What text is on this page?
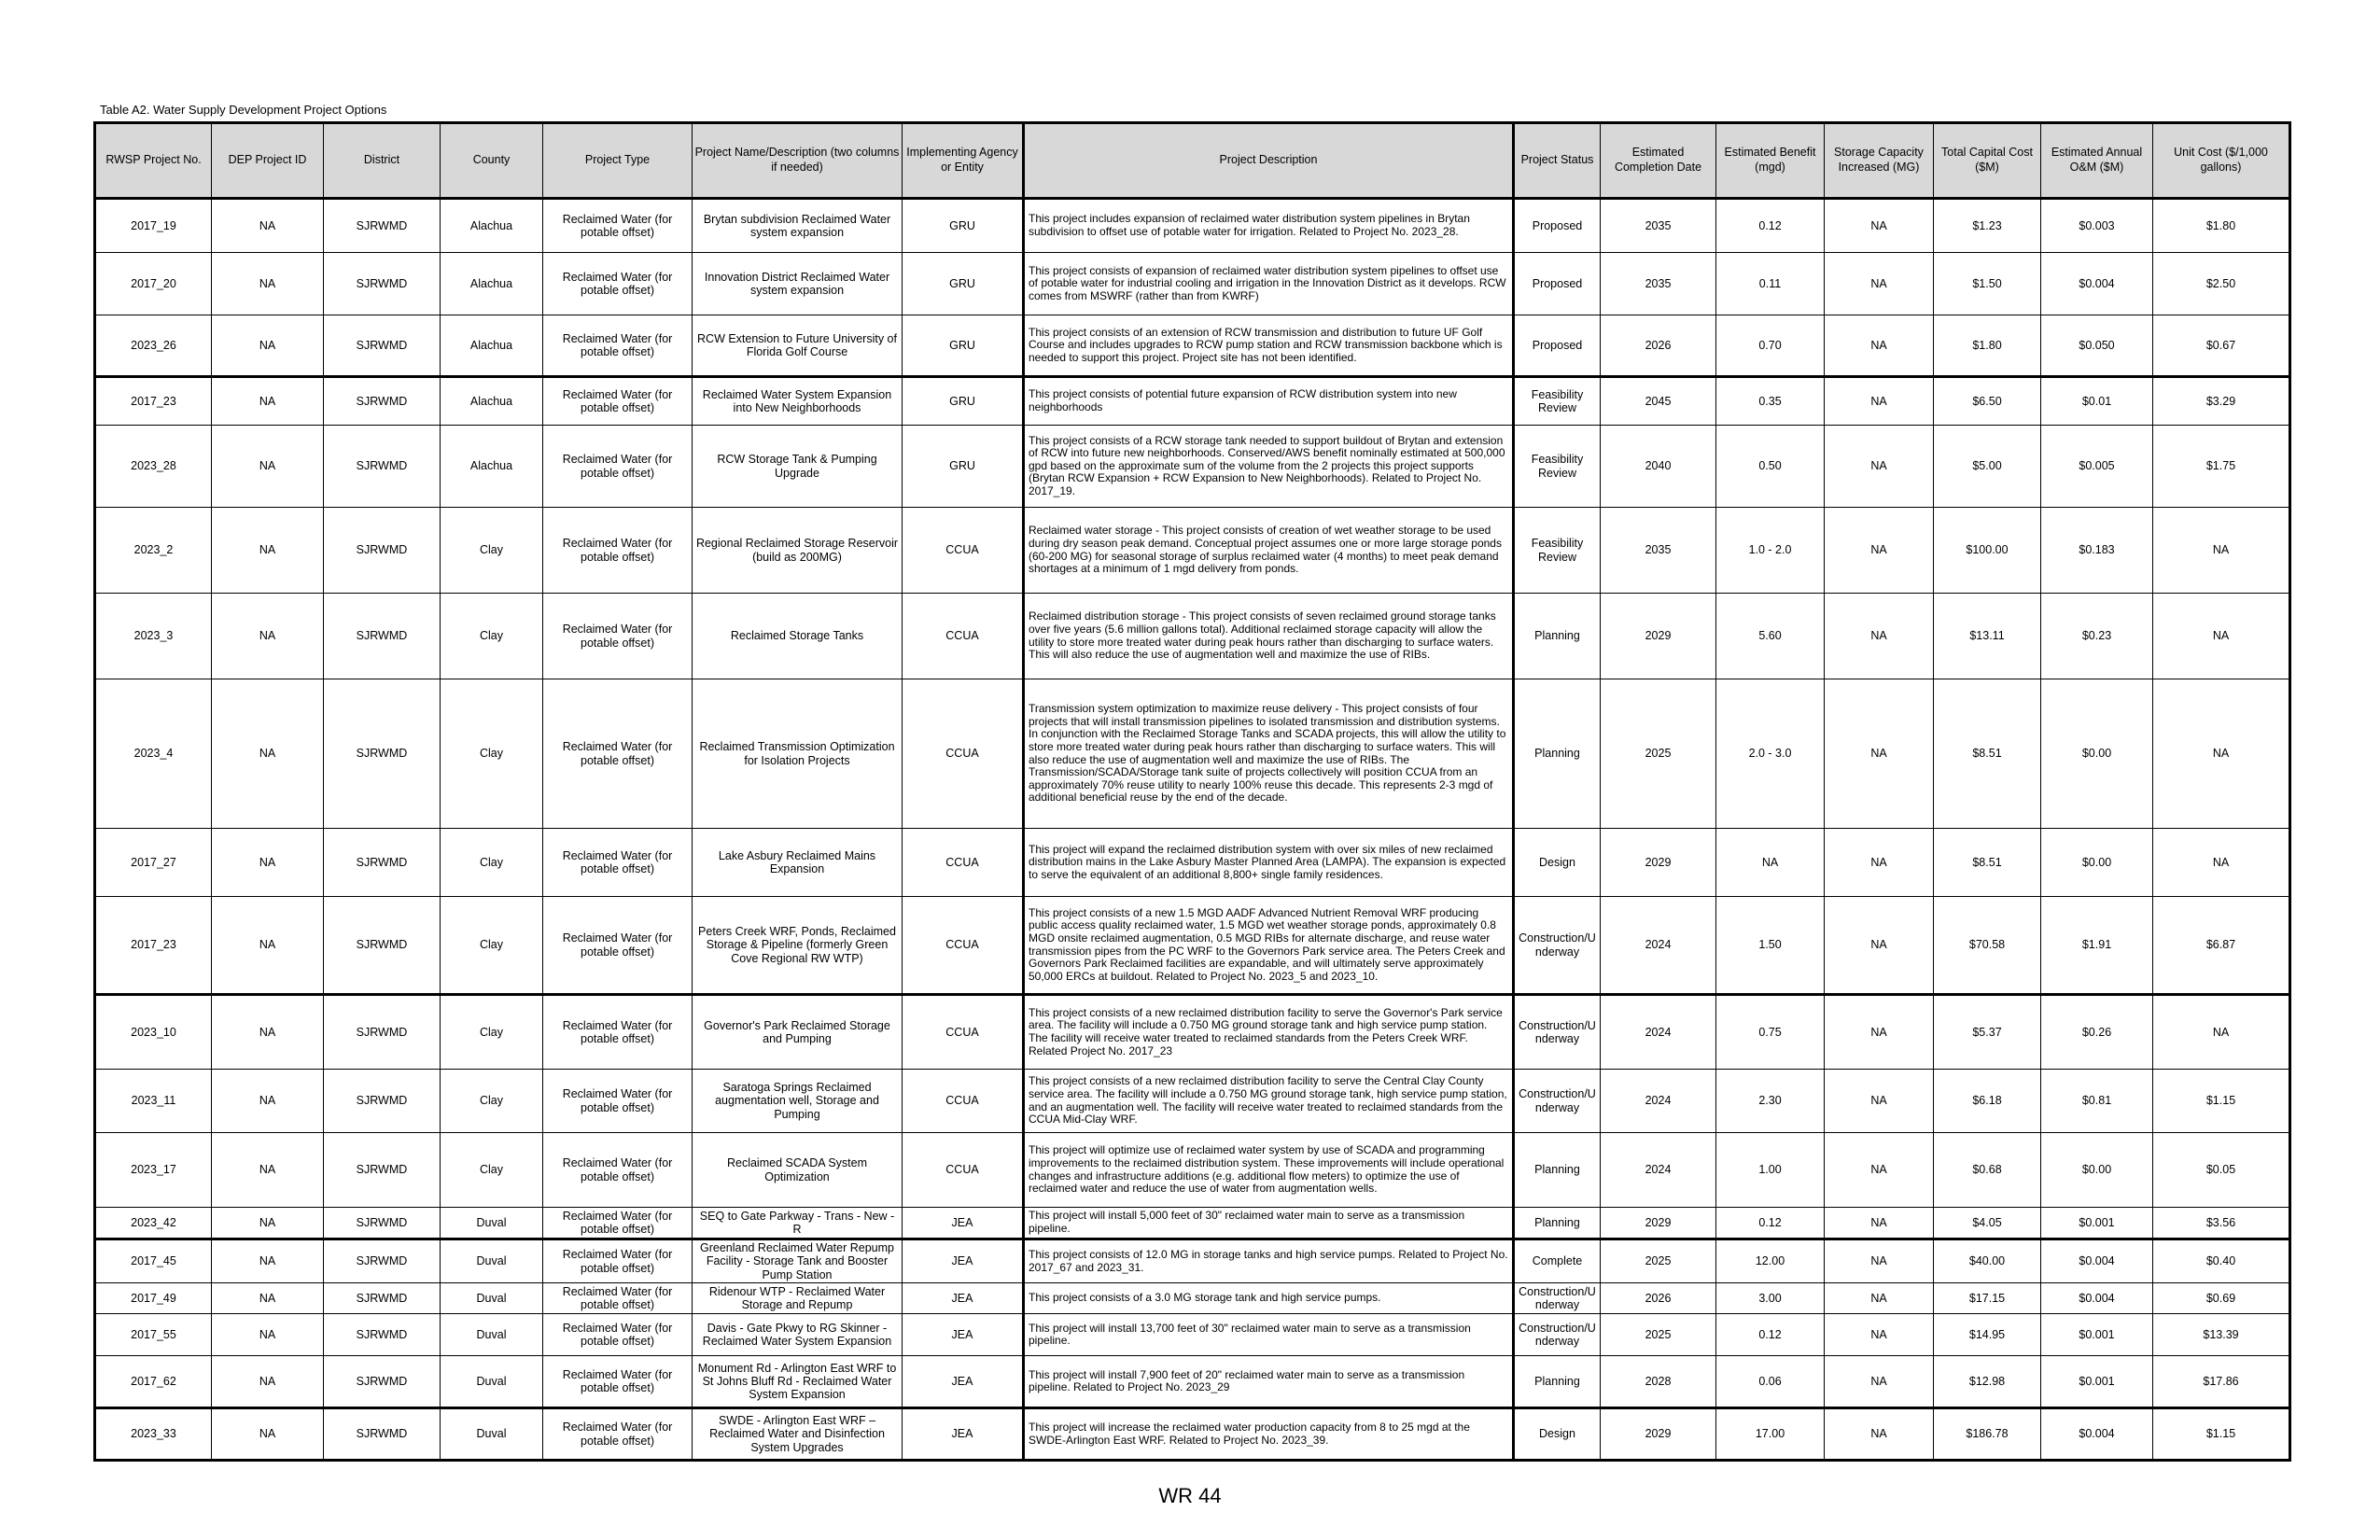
Table A2. Water Supply Development Project Options
RWSP Project No.	DEP Project ID	District	County	Project Type	Project Name/Description (two columns if needed)	Implementing Agency or Entity	Project Description	Project Status	Estimated Completion Date	Estimated Benefit (mgd)	Storage Capacity Increased (MG)	Total Capital Cost ($M)	Estimated Annual O&M ($M)	Unit Cost ($/1,000 gallons)
2017_19	NA	SJRWMD	Alachua	Reclaimed Water (for potable offset)	Brytan subdivision Reclaimed Water system expansion	GRU	This project includes expansion of reclaimed water distribution system pipelines in Brytan subdivision to offset use of potable water for irrigation. Related to Project No. 2023_28.	Proposed	2035	0.12	NA	$1.23	$0.003	$1.80
2017_20	NA	SJRWMD	Alachua	Reclaimed Water (for potable offset)	Innovation District Reclaimed Water system expansion	GRU	This project consists of expansion of reclaimed water distribution system pipelines to offset use of potable water for industrial cooling and irrigation in the Innovation District as it develops. RCW comes from MSWRF (rather than from KWRF)	Proposed	2035	0.11	NA	$1.50	$0.004	$2.50
2023_26	NA	SJRWMD	Alachua	Reclaimed Water (for potable offset)	RCW Extension to Future University of Florida Golf Course	GRU	This project consists of an extension of RCW transmission and distribution to future UF Golf Course and includes upgrades to RCW pump station and RCW transmission backbone which is needed to support this project. Project site has not been identified.	Proposed	2026	0.70	NA	$1.80	$0.050	$0.67
2017_23	NA	SJRWMD	Alachua	Reclaimed Water (for potable offset)	Reclaimed Water System Expansion into New Neighborhoods	GRU	This project consists of potential future expansion of RCW distribution system into new neighborhoods	Feasibility Review	2045	0.35	NA	$6.50	$0.01	$3.29
2023_28	NA	SJRWMD	Alachua	Reclaimed Water (for potable offset)	RCW Storage Tank & Pumping Upgrade	GRU	This project consists of a RCW storage tank needed to support buildout of Brytan and extension of RCW into future new neighborhoods. Conserved/AWS benefit nominally estimated at 500,000 gpd based on the approximate sum of the volume from the 2 projects this project supports (Brytan RCW Expansion + RCW Expansion to New Neighborhoods). Related to Project No. 2017_19.	Feasibility Review	2040	0.50	NA	$5.00	$0.005	$1.75
2023_2	NA	SJRWMD	Clay	Reclaimed Water (for potable offset)	Regional Reclaimed Storage Reservoir (build as 200MG)	CCUA	Reclaimed water storage - This project consists of creation of wet weather storage to be used during dry season peak demand. Conceptual project assumes one or more large storage ponds (60-200 MG) for seasonal storage of surplus reclaimed water (4 months) to meet peak demand shortages at a minimum of 1 mgd delivery from ponds.	Feasibility Review	2035	1.0 - 2.0	NA	$100.00	$0.183	NA
2023_3	NA	SJRWMD	Clay	Reclaimed Water (for potable offset)	Reclaimed Storage Tanks	CCUA	Reclaimed distribution storage - This project consists of seven reclaimed ground storage tanks over five years (5.6 million gallons total). Additional reclaimed storage capacity will allow the utility to store more treated water during peak hours rather than discharging to surface waters. This will also reduce the use of augmentation well and maximize the use of RIBs.	Planning	2029	5.60	NA	$13.11	$0.23	NA
2023_4	NA	SJRWMD	Clay	Reclaimed Water (for potable offset)	Reclaimed Transmission Optimization for Isolation Projects	CCUA	Transmission system optimization to maximize reuse delivery - This project consists of four projects that will install transmission pipelines to isolated transmission and distribution systems. In conjunction with the Reclaimed Storage Tanks and SCADA projects, this will allow the utility to store more treated water during peak hours rather than discharging to surface waters. This will also reduce the use of augmentation well and maximize the use of RIBs. The Transmission/SCADA/Storage tank suite of projects collectively will position CCUA from an approximately 70% reuse utility to nearly 100% reuse this decade. This represents 2-3 mgd of additional beneficial reuse by the end of the decade.	Planning	2025	2.0 - 3.0	NA	$8.51	$0.00	NA
2017_27	NA	SJRWMD	Clay	Reclaimed Water (for potable offset)	Lake Asbury Reclaimed Mains Expansion	CCUA	This project will expand the reclaimed distribution system with over six miles of new reclaimed distribution mains in the Lake Asbury Master Planned Area (LAMPA). The expansion is expected to serve the equivalent of an additional 8,800+ single family residences.	Design	2029	NA	NA	$8.51	$0.00	NA
2017_23	NA	SJRWMD	Clay	Reclaimed Water (for potable offset)	Peters Creek WRF, Ponds, Reclaimed Storage & Pipeline (formerly Green Cove Regional RW WTP)	CCUA	This project consists of a new 1.5 MGD AADF Advanced Nutrient Removal WRF producing public access quality reclaimed water, 1.5 MGD wet weather storage ponds, approximately 0.8 MGD onsite reclaimed augmentation, 0.5 MGD RIBs for alternate discharge, and reuse water transmission pipes from the PC WRF to the Governors Park service area. The Peters Creek and Governors Park Reclaimed facilities are expandable, and will ultimately serve approximately 50,000 ERCs at buildout. Related to Project No. 2023_5 and 2023_10.	Construction/Underway	2024	1.50	NA	$70.58	$1.91	$6.87
2023_10	NA	SJRWMD	Clay	Reclaimed Water (for potable offset)	Governor's Park Reclaimed Storage and Pumping	CCUA	This project consists of a new reclaimed distribution facility to serve the Governor's Park service area. The facility will include a 0.750 MG ground storage tank and high service pump station. The facility will receive water treated to reclaimed standards from the Peters Creek WRF. Related Project No. 2017_23	Construction/Underway	2024	0.75	NA	$5.37	$0.26	NA
2023_11	NA	SJRWMD	Clay	Reclaimed Water (for potable offset)	Saratoga Springs Reclaimed augmentation well, Storage and Pumping	CCUA	This project consists of a new reclaimed distribution facility to serve the Central Clay County service area. The facility will include a 0.750 MG ground storage tank, high service pump station, and an augmentation well. The facility will receive water treated to reclaimed standards from the CCUA Mid-Clay WRF.	Construction/Underway	2024	2.30	NA	$6.18	$0.81	$1.15
2023_17	NA	SJRWMD	Clay	Reclaimed Water (for potable offset)	Reclaimed SCADA System Optimization	CCUA	This project will optimize use of reclaimed water system by use of SCADA and programming improvements to the reclaimed distribution system. These improvements will include operational changes and infrastructure additions (e.g. additional flow meters) to optimize the use of reclaimed water and reduce the use of water from augmentation wells.	Planning	2024	1.00	NA	$0.68	$0.00	$0.05
2023_42	NA	SJRWMD	Duval	Reclaimed Water (for potable offset)	SEQ to Gate Parkway - Trans - New - R	JEA	This project will install 5,000 feet of 30" reclaimed water main to serve as a transmission pipeline.	Planning	2029	0.12	NA	$4.05	$0.001	$3.56
2017_45	NA	SJRWMD	Duval	Reclaimed Water (for potable offset)	Greenland Reclaimed Water Repump Facility - Storage Tank and Booster Pump Station	JEA	This project consists of 12.0 MG in storage tanks and high service pumps. Related to Project No. 2017_67 and 2023_31.	Complete	2025	12.00	NA	$40.00	$0.004	$0.40
2017_49	NA	SJRWMD	Duval	Reclaimed Water (for potable offset)	Ridenour WTP - Reclaimed Water Storage and Repump	JEA	This project consists of a 3.0 MG storage tank and high service pumps.	Construction/Underway	2026	3.00	NA	$17.15	$0.004	$0.69
2017_55	NA	SJRWMD	Duval	Reclaimed Water (for potable offset)	Davis - Gate Pkwy to RG Skinner - Reclaimed Water System Expansion	JEA	This project will install 13,700 feet of 30" reclaimed water main to serve as a transmission pipeline.	Construction/Underway	2025	0.12	NA	$14.95	$0.001	$13.39
2017_62	NA	SJRWMD	Duval	Reclaimed Water (for potable offset)	Monument Rd - Arlington East WRF to St Johns Bluff Rd - Reclaimed Water System Expansion	JEA	This project will install 7,900 feet of 20" reclaimed water main to serve as a transmission pipeline. Related to Project No. 2023_29	Planning	2028	0.06	NA	$12.98	$0.001	$17.86
2023_33	NA	SJRWMD	Duval	Reclaimed Water (for potable offset)	SWDE - Arlington East WRF – Reclaimed Water and Disinfection System Upgrades	JEA	This project will increase the reclaimed water production capacity from 8 to 25 mgd at the SWDE-Arlington East WRF. Related to Project No. 2023_39.	Design	2029	17.00	NA	$186.78	$0.004	$1.15
WR 44
